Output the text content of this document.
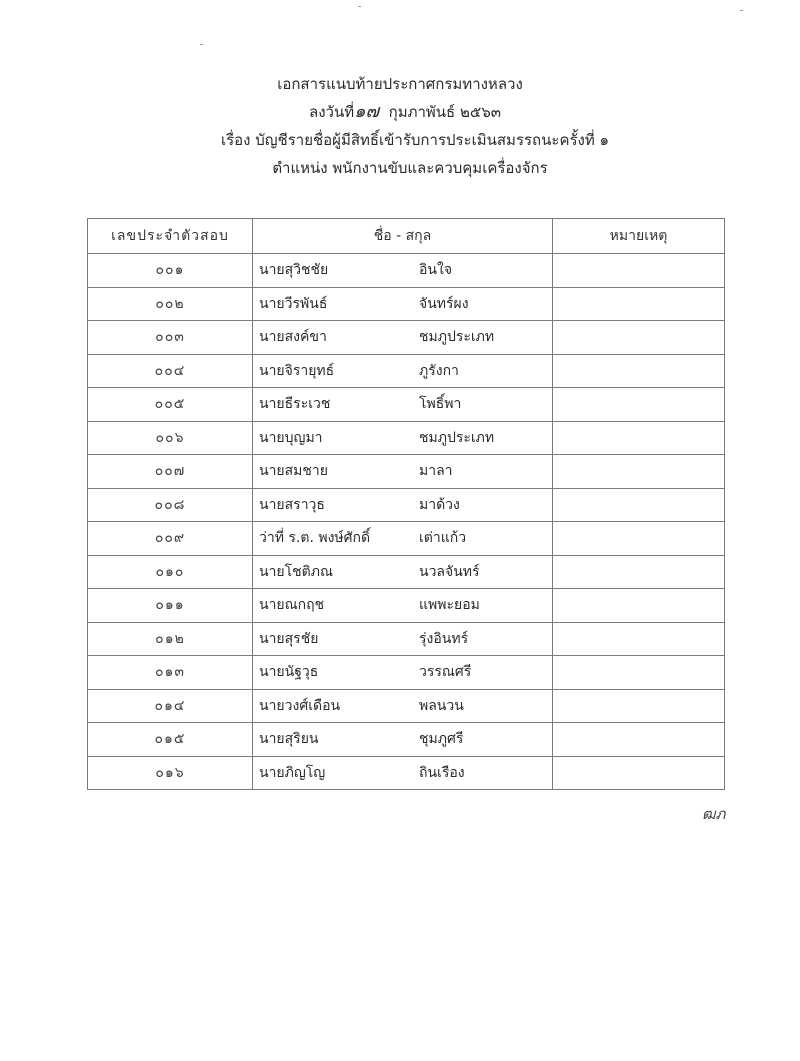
เอกสารแนบท้ายประกาศกรมทางหลวง
ลงวันที่๑๗ กุมภาพันธ์ ๒๕๖๓
เรื่อง บัญชีรายชื่อผู้มีสิทธิ์เข้ารับการประเมินสมรรถนะครั้งที่ ๑
ตำแหน่ง พนักงานขับและควบคุมเครื่องจักร
เลขประจำตัวสอบ	ชื่อ - สกุล	หมายเหตุ
๐๐๑	นายสุวิชชัย อินใจ	
๐๐๒	นายวีรพันธ์ จันทร์ผง	
๐๐๓	นายสงค์ขา ชมภูประเภท	
๐๐๔	นายจิรายุทธ์ ภูรังกา	
๐๐๕	นายธีระเวช โพธิ์พา	
๐๐๖	นายบุญมา ชมภูประเภท	
๐๐๗	นายสมชาย มาลา	
๐๐๘	นายสราวุธ มาด้วง	
๐๐๙	ว่าที่ ร.ต. พงษ์ศักดิ์ เต่าแก้ว	
๐๑๐	นายโชติภณ นวลจันทร์	
๐๑๑	นายณกฤช แพพะยอม	
๐๑๒	นายสุรชัย รุ่งอินทร์	
๐๑๓	นายนัฐวุธ วรรณศรี	
๐๑๔	นายวงศ์เดือน พลนวน	
๐๑๕	นายสุริยน ชุมภูศรี	
๐๑๖	นายภิญโญ ถินเรือง	
ฒภ
